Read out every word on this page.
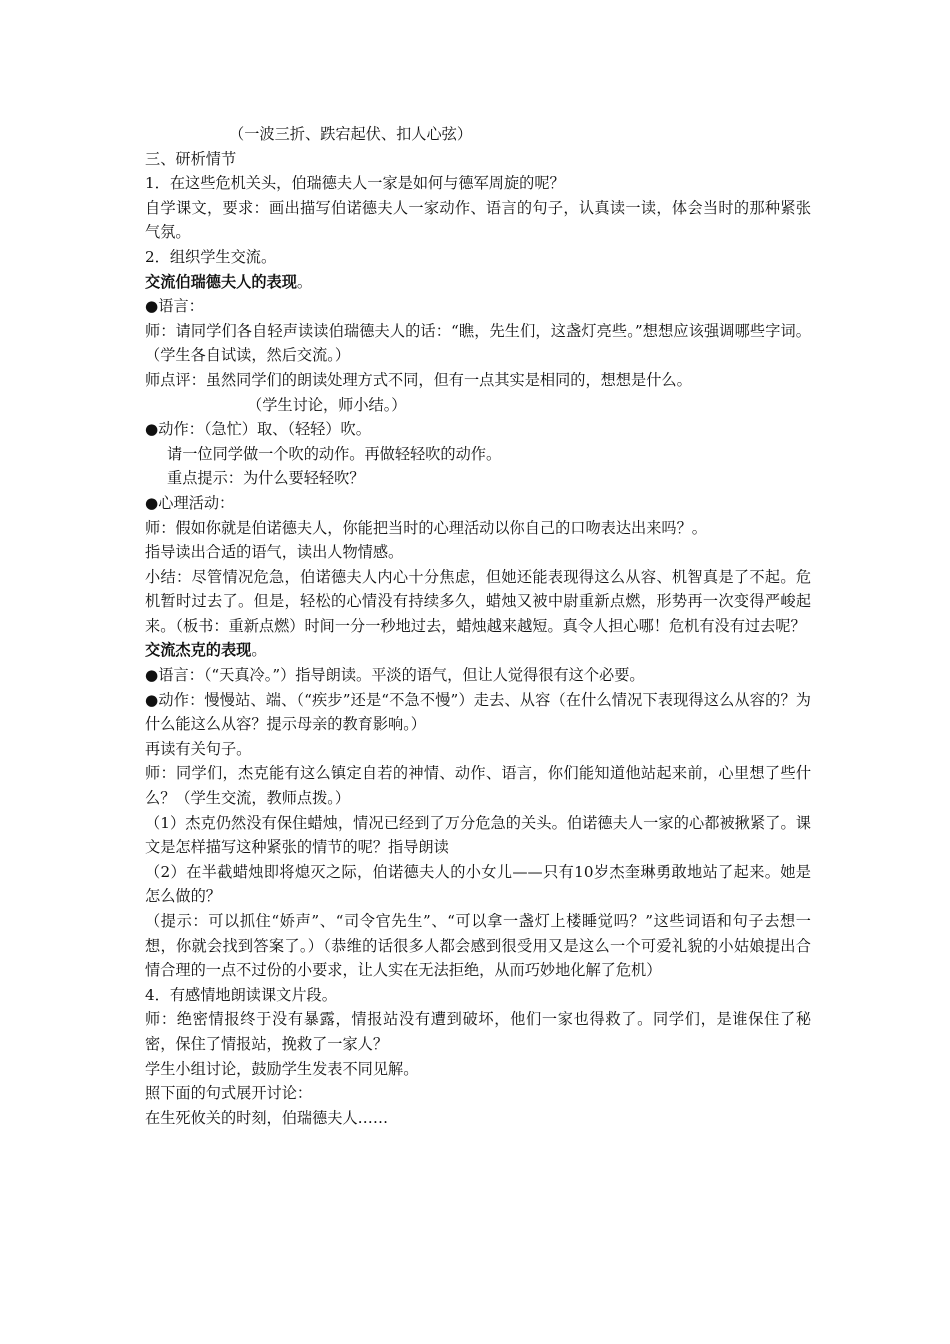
（一波三折、跌宕起伏、扣人心弦）

三、研析情节

1．在这些危机关头，伯瑞德夫人一家是如何与德军周旋的呢？

自学课文，要求：画出描写伯诺德夫人一家动作、语言的句子，认真读一读，体会当时的那种紧张气氛。

2．组织学生交流。

交流伯瑞德夫人的表现。

●语言：

师：请同学们各自轻声读读伯瑞德夫人的话：“瞧，先生们，这盏灯亮些。”想想应该强调哪些字词。（学生各自试读，然后交流。）

师点评：虽然同学们的朗读处理方式不同，但有一点其实是相同的，想想是什么。

（学生讨论，师小结。）

●动作：（急忙）取、（轻轻）吹。

请一位同学做一个吹的动作。再做轻轻吹的动作。

重点提示：为什么要轻轻吹？

●心理活动：

师：假如你就是伯诺德夫人，你能把当时的心理活动以你自己的口吻表达出来吗？。

指导读出合适的语气，读出人物情感。

小结：尽管情况危急，伯诺德夫人内心十分焦虑，但她还能表现得这么从容、机智真是了不起。危机暂时过去了。但是，轻松的心情没有持续多久，蜡烛又被中尉重新点燃，形势再一次变得严峻起来。（板书：重新点燃）时间一分一秒地过去，蜡烛越来越短。真令人担心哪！危机有没有过去呢？

交流杰克的表现。

●语言：（“天真冷。”）指导朗读。平淡的语气，但让人觉得很有这个必要。

●动作：慢慢站、端、（“疾步”还是“不急不慢”）走去、从容（在什么情况下表现得这么从容的？为什么能这么从容？提示母亲的教育影响。）

再读有关句子。

师：同学们，杰克能有这么镇定自若的神情、动作、语言，你们能知道他站起来前，心里想了些什么？（学生交流，教师点拨。）

（1）杰克仍然没有保住蜡烛，情况已经到了万分危急的关头。伯诺德夫人一家的心都被揪紧了。课文是怎样描写这种紧张的情节的呢？指导朗读

（2）在半截蜡烛即将熄灭之际，伯诺德夫人的小女儿——只有10岁杰奎琳勇敢地站了起来。她是怎么做的？

（提示：可以抓住“娇声”、“司令官先生”、“可以拿一盏灯上楼睡觉吗？”这些词语和句子去想一想，你就会找到答案了。）（恭维的话很多人都会感到很受用又是这么一个可爱礼貌的小姑娘提出合情合理的一点不过份的小要求，让人实在无法拒绝，从而巧妙地化解了危机）

4．有感情地朗读课文片段。

师：绝密情报终于没有暴露，情报站没有遭到破坏，他们一家也得救了。同学们，是谁保住了秘密，保住了情报站，挽救了一家人？

学生小组讨论，鼓励学生发表不同见解。

照下面的句式展开讨论：

在生死攸关的时刻，伯瑞德夫人……
